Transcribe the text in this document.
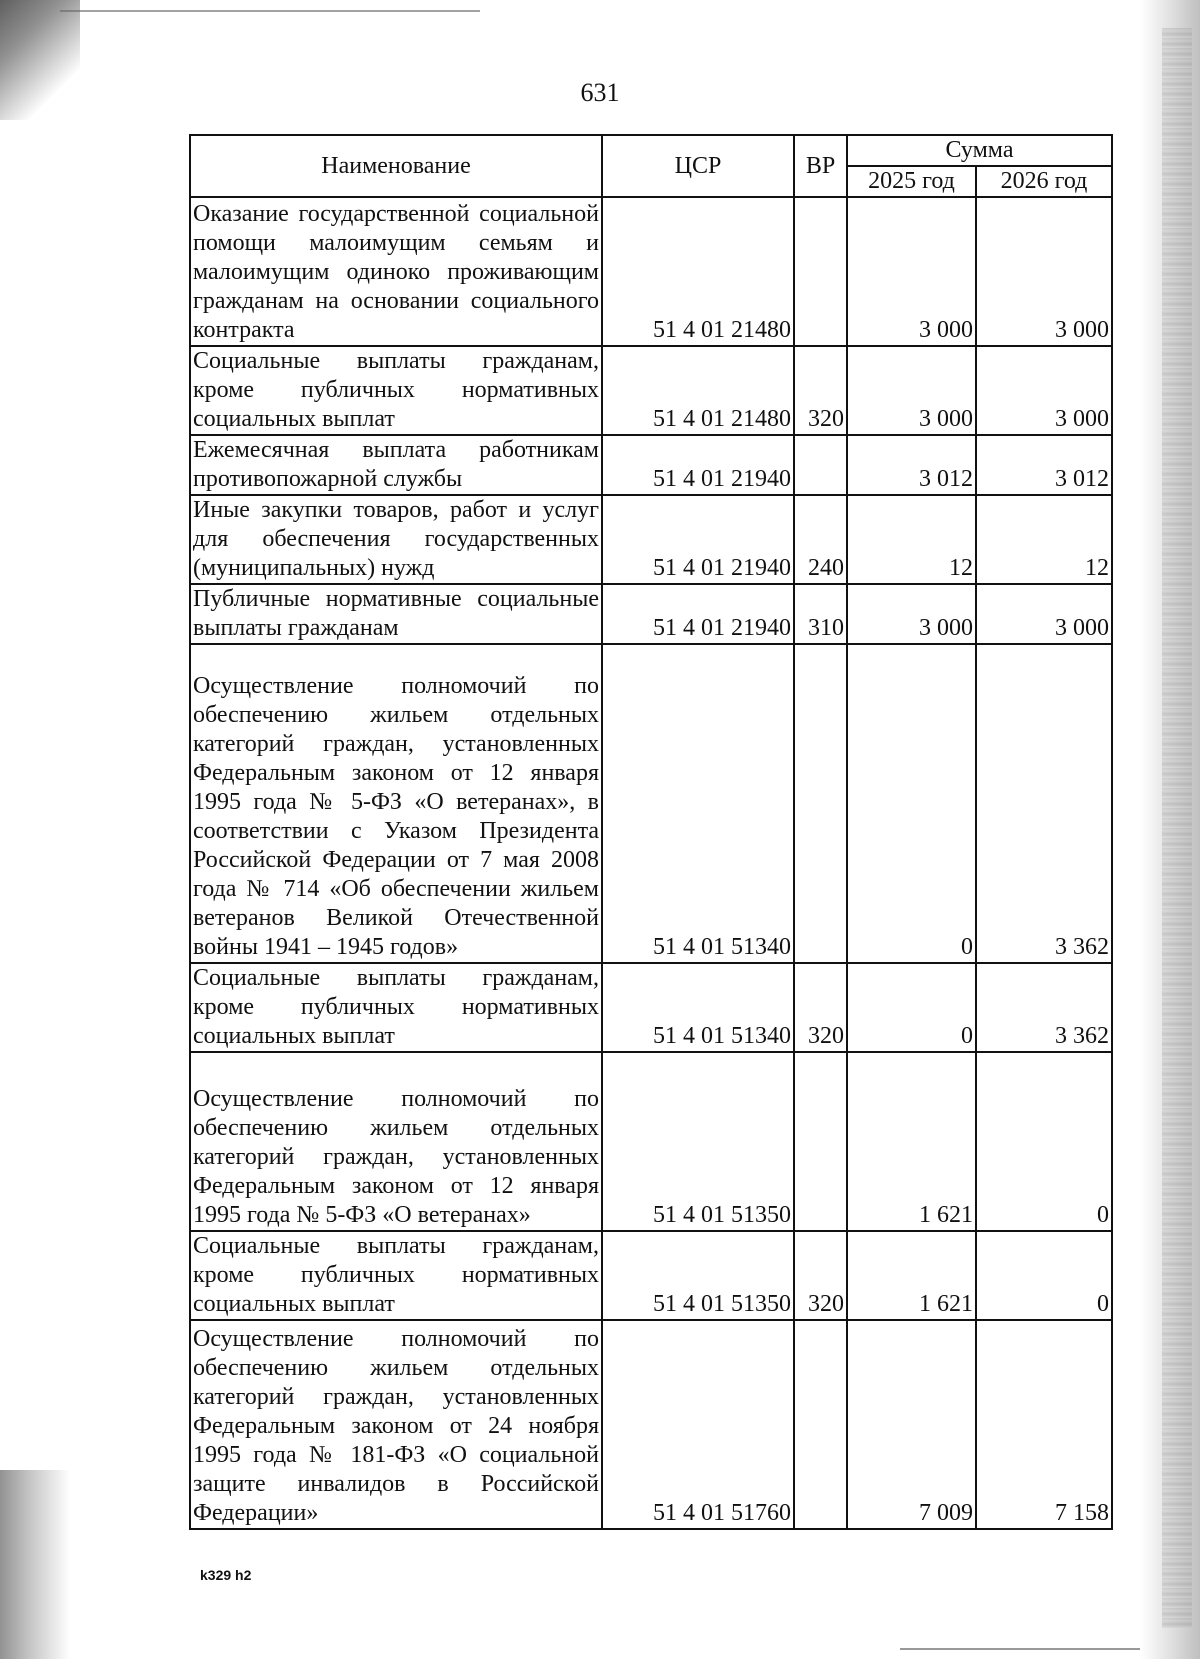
631
Наименование	ЦСР	ВР	Сумма	
			2025 год	2026 год
Оказание государственной социальной помощи малоимущим семьям и малоимущим одиноко проживающим гражданам на основании социального контракта	51 4 01 21480		3 000	3 000
Социальные выплаты гражданам, кроме публичных нормативных социальных выплат	51 4 01 21480	320	3 000	3 000
Ежемесячная выплата работникам противопожарной службы	51 4 01 21940		3 012	3 012
Иные закупки товаров, работ и услуг для обеспечения государственных (муниципальных) нужд	51 4 01 21940	240	12	12
Публичные нормативные социальные выплаты гражданам	51 4 01 21940	310	3 000	3 000
Осуществление полномочий по обеспечению жильем отдельных категорий граждан, установленных Федеральным законом от 12 января 1995 года № 5-ФЗ «О ветеранах», в соответствии с Указом Президента Российской Федерации от 7 мая 2008 года № 714 «Об обеспечении жильем ветеранов Великой Отечественной войны 1941 – 1945 годов»	51 4 01 51340		0	3 362
Социальные выплаты гражданам, кроме публичных нормативных социальных выплат	51 4 01 51340	320	0	3 362
Осуществление полномочий по обеспечению жильем отдельных категорий граждан, установленных Федеральным законом от 12 января 1995 года № 5-ФЗ «О ветеранах»	51 4 01 51350		1 621	0
Социальные выплаты гражданам, кроме публичных нормативных социальных выплат	51 4 01 51350	320	1 621	0
Осуществление полномочий по обеспечению жильем отдельных категорий граждан, установленных Федеральным законом от 24 ноября 1995 года № 181-ФЗ «О социальной защите инвалидов в Российской Федерации»	51 4 01 51760		7 009	7 158
k329 h2
